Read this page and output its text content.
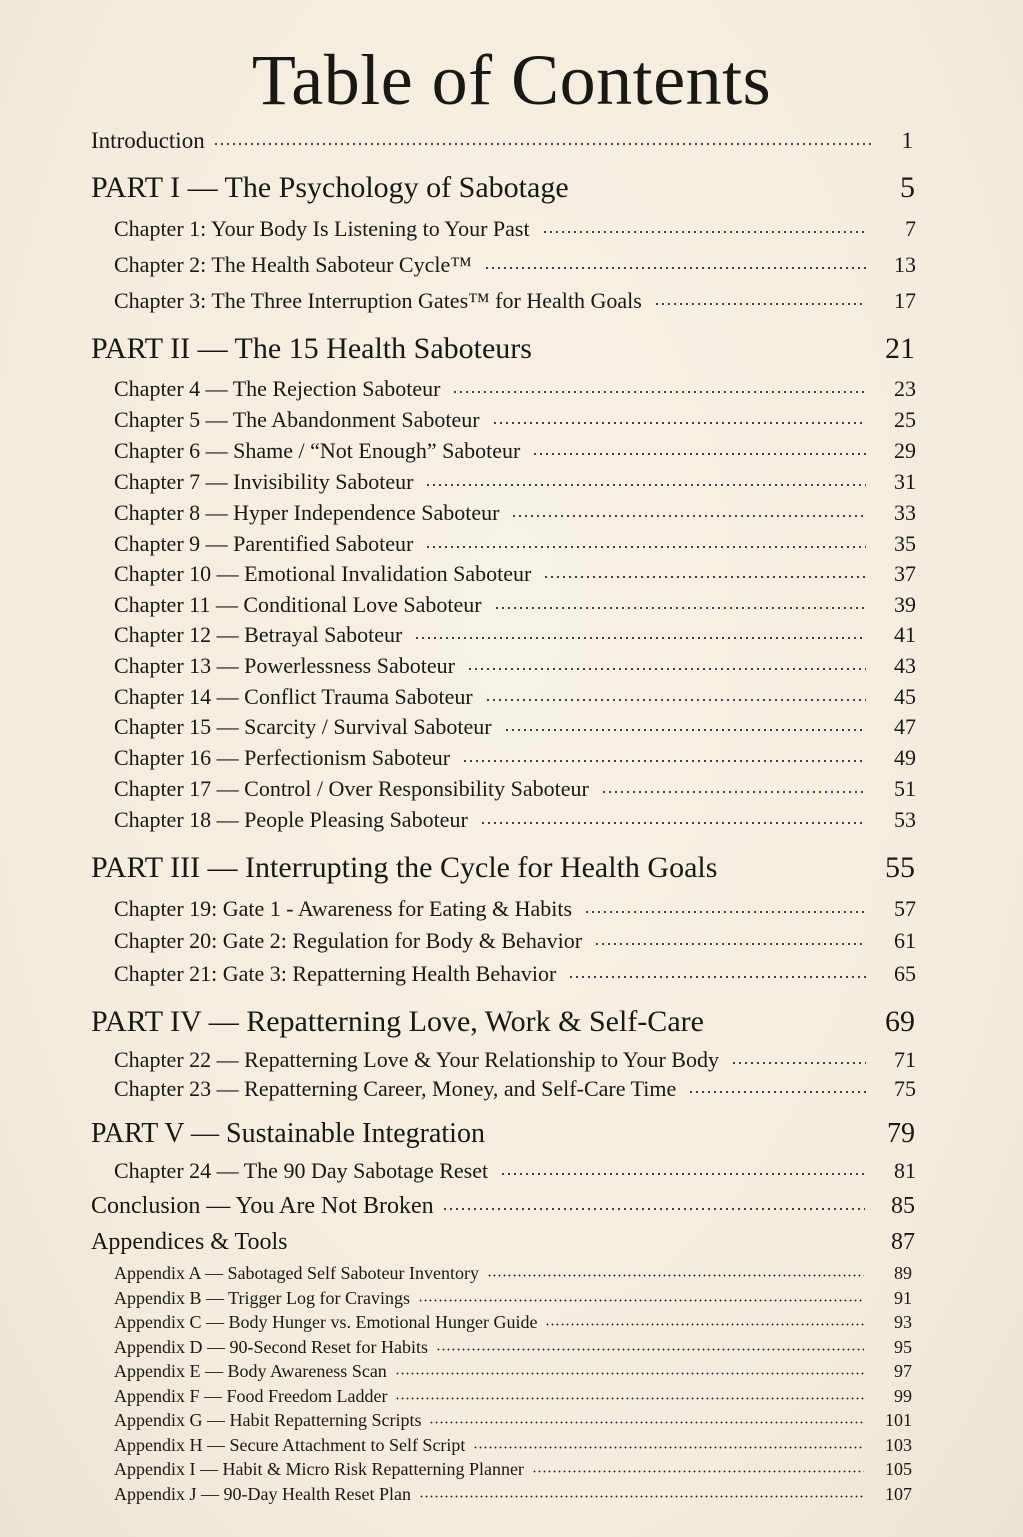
Table of Contents
Introduction	1
PART I — The Psychology of Sabotage	5
Chapter 1: Your Body Is Listening to Your Past	7
Chapter 2: The Health Saboteur Cycle™	13
Chapter 3: The Three Interruption Gates™ for Health Goals	17
PART II — The 15 Health Saboteurs	21
Chapter 4 — The Rejection Saboteur	23
Chapter 5 — The Abandonment Saboteur	25
Chapter 6 — Shame / “Not Enough” Saboteur	29
Chapter 7 — Invisibility Saboteur	31
Chapter 8 — Hyper Independence Saboteur	33
Chapter 9 — Parentified Saboteur	35
Chapter 10 — Emotional Invalidation Saboteur	37
Chapter 11 — Conditional Love Saboteur	39
Chapter 12 — Betrayal Saboteur	41
Chapter 13 — Powerlessness Saboteur	43
Chapter 14 — Conflict Trauma Saboteur	45
Chapter 15 — Scarcity / Survival Saboteur	47
Chapter 16 — Perfectionism Saboteur	49
Chapter 17 — Control / Over Responsibility Saboteur	51
Chapter 18 — People Pleasing Saboteur	53
PART III — Interrupting the Cycle for Health Goals	55
Chapter 19: Gate 1 - Awareness for Eating & Habits	57
Chapter 20: Gate 2: Regulation for Body & Behavior	61
Chapter 21: Gate 3: Repatterning Health Behavior	65
PART IV — Repatterning Love, Work & Self-Care	69
Chapter 22 — Repatterning Love & Your Relationship to Your Body	71
Chapter 23 — Repatterning Career, Money, and Self-Care Time	75
PART V — Sustainable Integration	79
Chapter 24 — The 90 Day Sabotage Reset	81
Conclusion — You Are Not Broken	85
Appendices & Tools	87
Appendix A — Sabotaged Self Saboteur Inventory	89
Appendix B — Trigger Log for Cravings	91
Appendix C — Body Hunger vs. Emotional Hunger Guide	93
Appendix D — 90-Second Reset for Habits	95
Appendix E — Body Awareness Scan	97
Appendix F — Food Freedom Ladder	99
Appendix G — Habit Repatterning Scripts	101
Appendix H — Secure Attachment to Self Script	103
Appendix I — Habit & Micro Risk Repatterning Planner	105
Appendix J — 90-Day Health Reset Plan	107
